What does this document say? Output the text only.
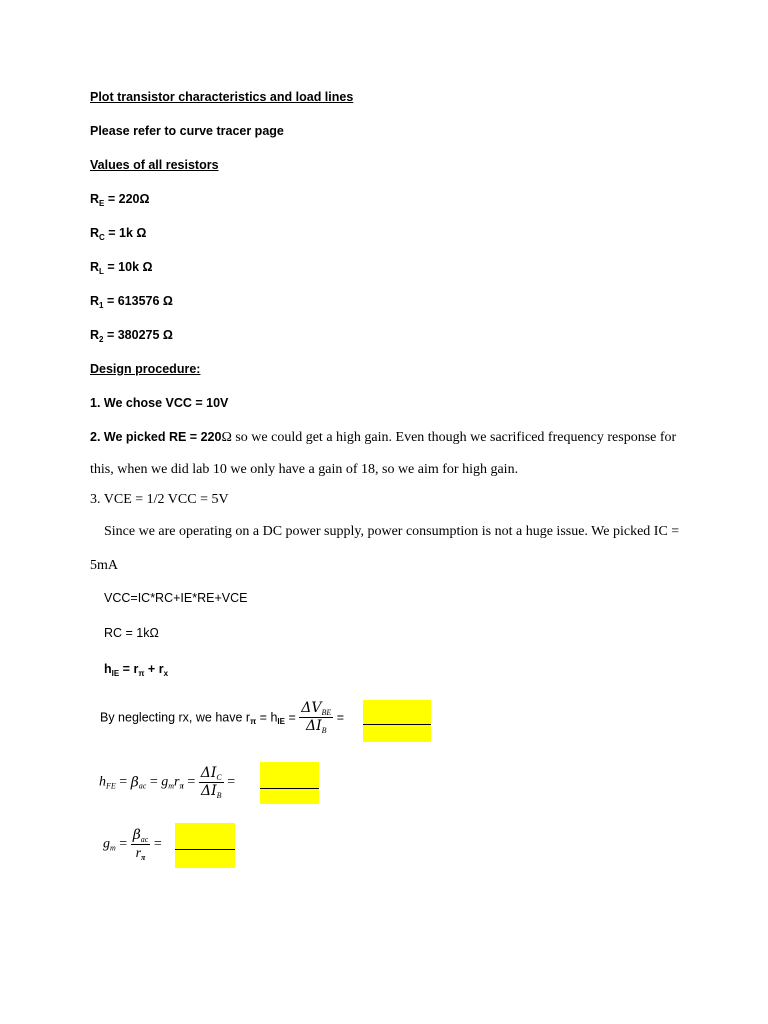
Plot transistor characteristics and load lines
Please refer to curve tracer page
Values of all resistors
$R_E = 220\Omega$
$R_C = 1k$ Ω
$R_L = 10k$ Ω
$R_1 = 613576$ Ω
$R_2 = 380275$ Ω
Design procedure:
1. We chose VCC = 10V
2. We picked RE = 220Ω so we could get a high gain. Even though we sacrificed frequency response for
this, when we did lab 10 we only have a gain of 18, so we aim for high gain.
3. VCE = 1/2 VCC = 5V
Since we are operating on a DC power supply, power consumption is not a huge issue. We picked IC =
5mA
VCC=IC*RC+IE*RE+VCE
RC = 1kΩ
$h_{IE} = r_\pi + r_x$
By neglecting rx, we have $r_\pi = h_{IE} = \frac{\Delta V_{BE}}{\Delta I_B}$ =
$h_{FE} = \beta_{ac} = g_mr_\pi = \frac{\Delta I_C}{\Delta I_B}$ =
$g_m = \frac{\beta_{ac}}{r_\pi}$ =
